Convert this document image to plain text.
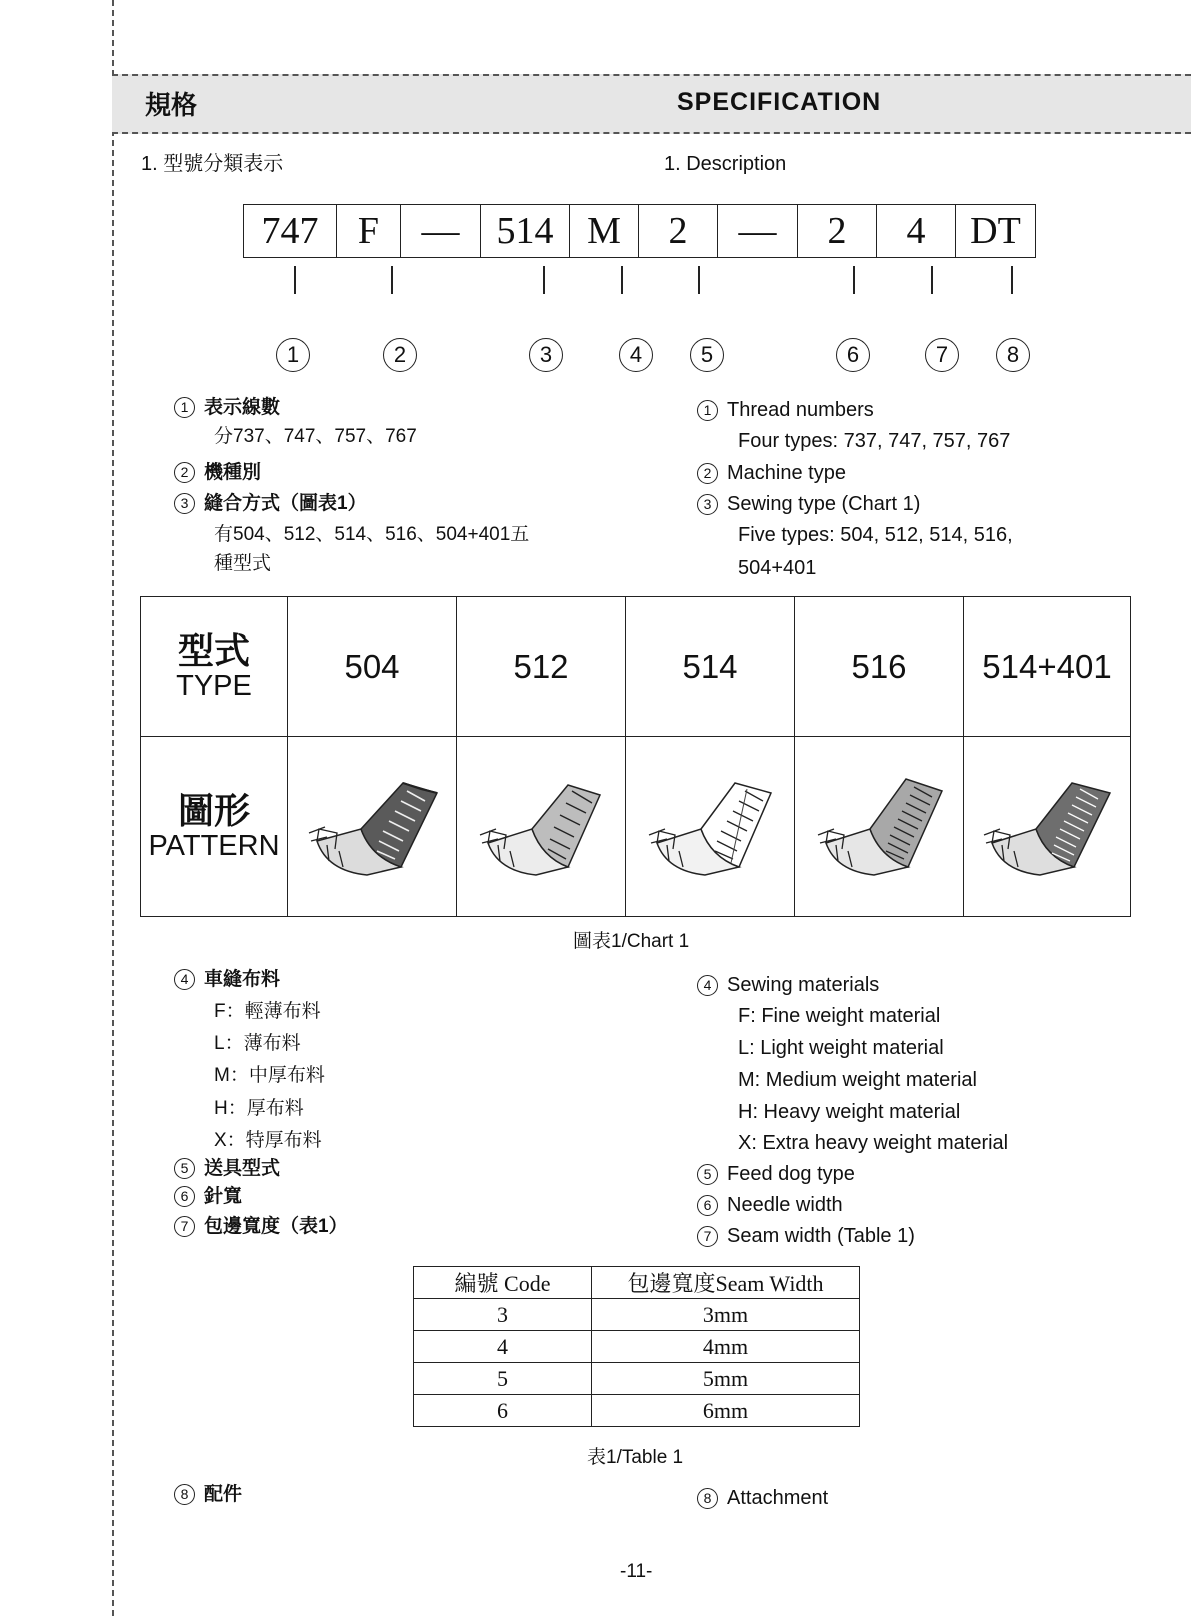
規格	SPECIFICATION
1. 型號分類表示	1. Description
747	F	— 514 M	2	—	2	4	DT
1	2	3	4	5	6	7	8
1 表示線數
分737、747、757、767
2 機種別
3 縫合方式（圖表1）
有504、512、514、516、504+401五
種型式
1 Thread numbers
Four types: 737, 747, 757, 767
2 Machine type
3 Sewing type (Chart 1)
Five types: 504, 512, 514, 516,
504+401
型式
TYPE	504	512	514	516	514+401

圖形
PATTERN

圖表1/Chart 1
4 車縫布料
F：輕薄布料
L：薄布料
M：中厚布料
H：厚布料
X：特厚布料
5 送具型式
6 針寬
7 包邊寬度（表1）
4 Sewing materials
F: Fine weight material
L: Light weight material
M: Medium weight material
H: Heavy weight material
X: Extra heavy weight material
5 Feed dog type
6 Needle width
7 Seam width (Table 1)
編號 Code	包邊寬度Seam Width
3	3mm
4	4mm
5	5mm
6	6mm
表1/Table 1
8 配件	8 Attachment
-11-
